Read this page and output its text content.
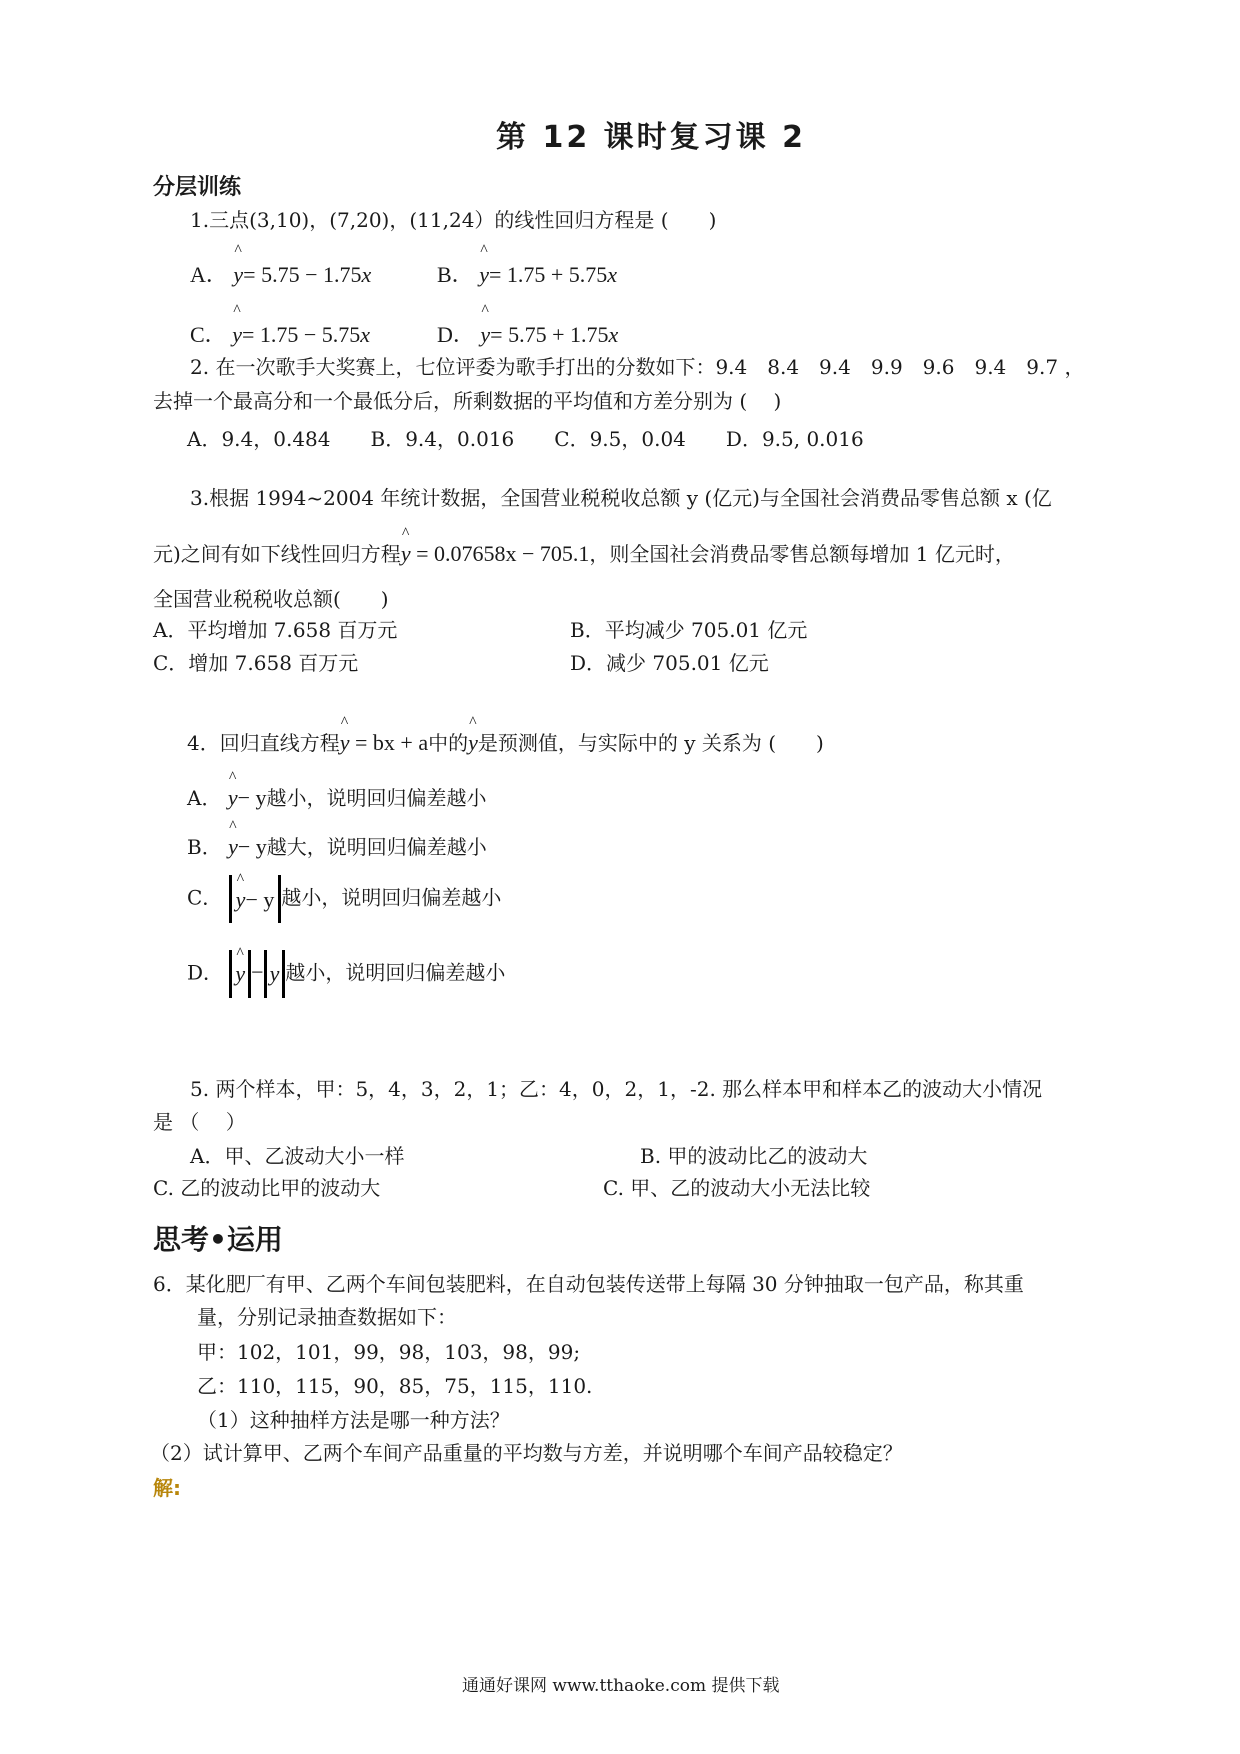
第 12 课时复习课 2
分层训练
1.三点(3,10)，(7,20)，(11,24）的线性回归方程是 (　　)
A． ^ y= 5.75 − 1.75x	B． ^ y= 1.75 + 5.75x
C． ^ y= 1.75 − 5.75x	D． ^ y= 5.75 + 1.75x
2. 在一次歌手大奖赛上，七位评委为歌手打出的分数如下：9.4　8.4　9.4　9.9　9.6　9.4　9.7 ，
去掉一个最高分和一个最低分后，所剩数据的平均值和方差分别为 (　 )
A．9.4，0.484　　B．9.4，0.016　　C．9.5，0.04　　D．9.5, 0.016
3.根据 1994~2004 年统计数据，全国营业税税收总额 y (亿元)与全国社会消费品零售总额 x (亿
元)之间有如下线性回归方程^ y = 0.07658x − 705.1，则全国社会消费品零售总额每增加 1 亿元时，
全国营业税税收总额(　　)
A．平均增加 7.658 百万元	B．平均减少 705.01 亿元
C．增加 7.658 百万元	D．减少 705.01 亿元
4．回归直线方程^ y = bx + a中的^ y是预测值，与实际中的 y 关系为 (　　)
A． ^ y− y越小，说明回归偏差越小
B． ^ y− y越大，说明回归偏差越小
C． ^ y− y 越小，说明回归偏差越小
D． ^ y − y 越小，说明回归偏差越小
5. 两个样本，甲：5，4，3，2，1；乙：4，0，2，1，-2. 那么样本甲和样本乙的波动大小情况
是 （　 ）
A．甲、乙波动大小一样	B. 甲的波动比乙的波动大
C. 乙的波动比甲的波动大	C. 甲、乙的波动大小无法比较
思考•运用
6．某化肥厂有甲、乙两个车间包装肥料，在自动包装传送带上每隔 30 分钟抽取一包产品，称其重
量，分别记录抽查数据如下：
甲：102，101，99，98，103，98，99;
乙：110，115，90，85，75，115，110.
（1）这种抽样方法是哪一种方法？
（2）试计算甲、乙两个车间产品重量的平均数与方差，并说明哪个车间产品较稳定？
解:
通通好课网 www.tthaoke.com 提供下载
